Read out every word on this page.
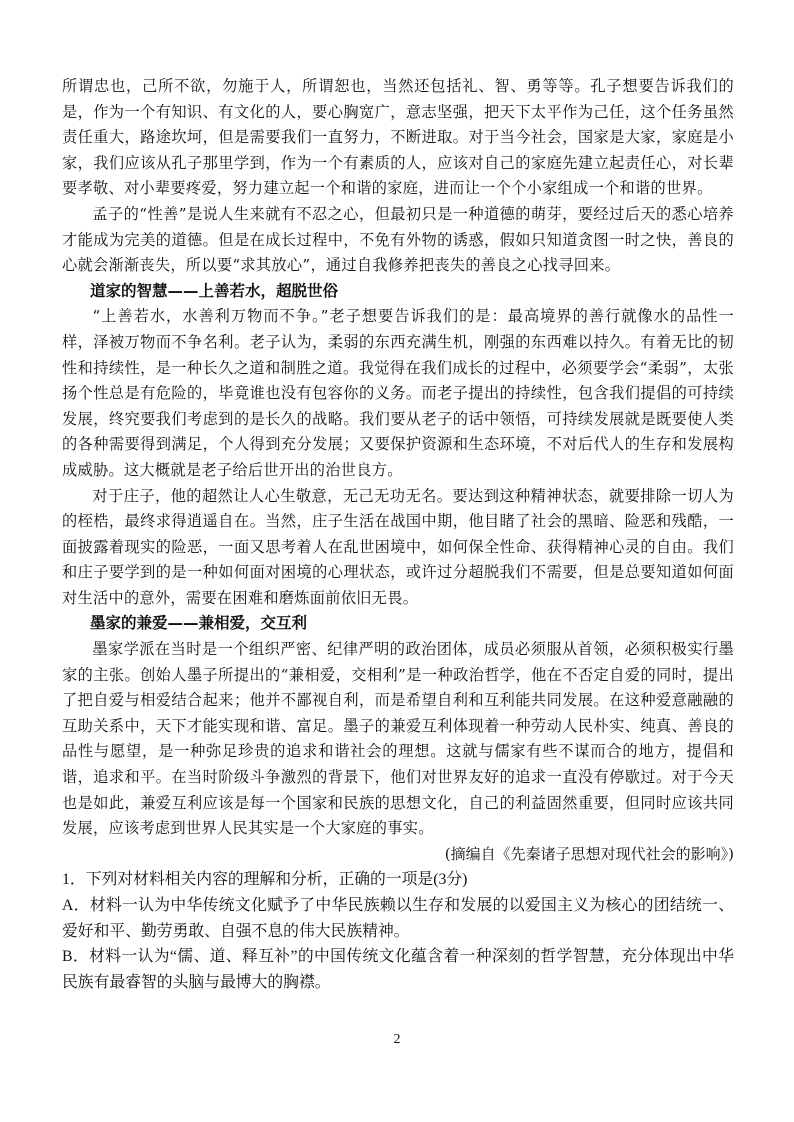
所谓忠也，己所不欲，勿施于人，所谓恕也，当然还包括礼、智、勇等等。孔子想要告诉我们的是，作为一个有知识、有文化的人，要心胸宽广，意志坚强，把天下太平作为己任，这个任务虽然责任重大，路途坎坷，但是需要我们一直努力，不断进取。对于当今社会，国家是大家，家庭是小家，我们应该从孔子那里学到，作为一个有素质的人，应该对自己的家庭先建立起责任心，对长辈要孝敬、对小辈要疼爱，努力建立起一个和谐的家庭，进而让一个个小家组成一个和谐的世界。

孟子的“性善”是说人生来就有不忍之心，但最初只是一种道德的萌芽，要经过后天的悉心培养才能成为完美的道德。但是在成长过程中，不免有外物的诱惑，假如只知道贪图一时之快，善良的心就会渐渐丧失，所以要“求其放心”，通过自我修养把丧失的善良之心找寻回来。

道家的智慧——上善若水，超脱世俗

“上善若水，水善利万物而不争。”老子想要告诉我们的是：最高境界的善行就像水的品性一样，泽被万物而不争名利。老子认为，柔弱的东西充满生机，刚强的东西难以持久。有着无比的韧性和持续性，是一种长久之道和制胜之道。我觉得在我们成长的过程中，必须要学会“柔弱”，太张扬个性总是有危险的，毕竟谁也没有包容你的义务。而老子提出的持续性，包含我们提倡的可持续发展，终究要我们考虑到的是长久的战略。我们要从老子的话中领悟，可持续发展就是既要使人类的各种需要得到满足，个人得到充分发展；又要保护资源和生态环境，不对后代人的生存和发展构成威胁。这大概就是老子给后世开出的治世良方。

对于庄子，他的超然让人心生敬意，无己无功无名。要达到这种精神状态，就要排除一切人为的桎梏，最终求得逍遥自在。当然，庄子生活在战国中期，他目睹了社会的黑暗、险恶和残酷，一面披露着现实的险恶，一面又思考着人在乱世困境中，如何保全性命、获得精神心灵的自由。我们和庄子要学到的是一种如何面对困境的心理状态，或许过分超脱我们不需要，但是总要知道如何面对生活中的意外，需要在困难和磨炼面前依旧无畏。

墨家的兼爱——兼相爱，交互利

墨家学派在当时是一个组织严密、纪律严明的政治团体，成员必须服从首领，必须积极实行墨家的主张。创始人墨子所提出的“兼相爱，交相利”是一种政治哲学，他在不否定自爱的同时，提出了把自爱与相爱结合起来；他并不鄙视自利，而是希望自利和互利能共同发展。在这种爱意融融的互助关系中，天下才能实现和谐、富足。墨子的兼爱互利体现着一种劳动人民朴实、纯真、善良的品性与愿望，是一种弥足珍贵的追求和谐社会的理想。这就与儒家有些不谋而合的地方，提倡和谐，追求和平。在当时阶级斗争激烈的背景下，他们对世界友好的追求一直没有停歇过。对于今天也是如此，兼爱互利应该是每一个国家和民族的思想文化，自己的利益固然重要，但同时应该共同发展，应该考虑到世界人民其实是一个大家庭的事实。

(摘编自《先秦诸子思想对现代社会的影响》)

1．下列对材料相关内容的理解和分析，正确的一项是(3分)

A．材料一认为中华传统文化赋予了中华民族赖以生存和发展的以爱国主义为核心的团结统一、爱好和平、勤劳勇敢、自强不息的伟大民族精神。

B．材料一认为“儒、道、释互补”的中国传统文化蕴含着一种深刻的哲学智慧，充分体现出中华民族有最睿智的头脑与最博大的胸襟。

2
